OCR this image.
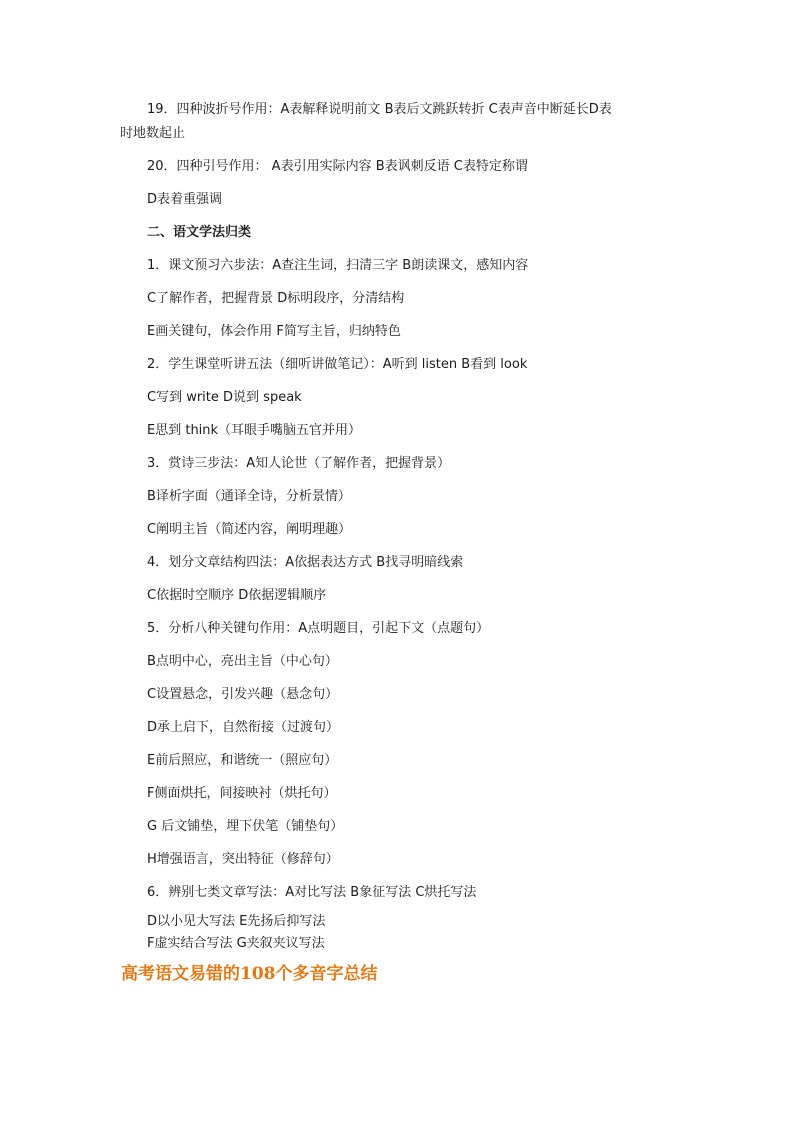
19．四种波折号作用：A表解释说明前文 B表后文跳跃转折 C表声音中断延长D表
时地数起止
20．四种引号作用： A表引用实际内容 B表讽刺反语 C表特定称谓
D表着重强调
二、语文学法归类
1．课文预习六步法：A查注生词，扫清三字 B朗读课文，感知内容
C了解作者，把握背景 D标明段序，分清结构
E画关键句，体会作用 F简写主旨，归纳特色
2．学生课堂听讲五法（细听讲做笔记）：A听到 listen B看到 look
C写到 write D说到 speak
E思到 think（耳眼手嘴脑五官并用）
3．赏诗三步法：A知人论世（了解作者，把握背景）
B译析字面（通译全诗，分析景情）
C阐明主旨（简述内容，阐明理趣）
4．划分文章结构四法：A依据表达方式 B找寻明暗线索
C依据时空顺序 D依据逻辑顺序
5．分析八种关键句作用：A点明题目，引起下文（点题句）
B点明中心，亮出主旨（中心句）
C设置悬念，引发兴趣（悬念句）
D承上启下，自然衔接（过渡句）
E前后照应，和谐统一（照应句）
F侧面烘托，间接映衬（烘托句）
G 后文铺垫，埋下伏笔（铺垫句）
H增强语言，突出特征（修辞句）
6．辨别七类文章写法：A对比写法 B象征写法 C烘托写法
D以小见大写法 E先扬后抑写法
F虚实结合写法 G夹叙夹议写法
高考语文易错的108个多音字总结
